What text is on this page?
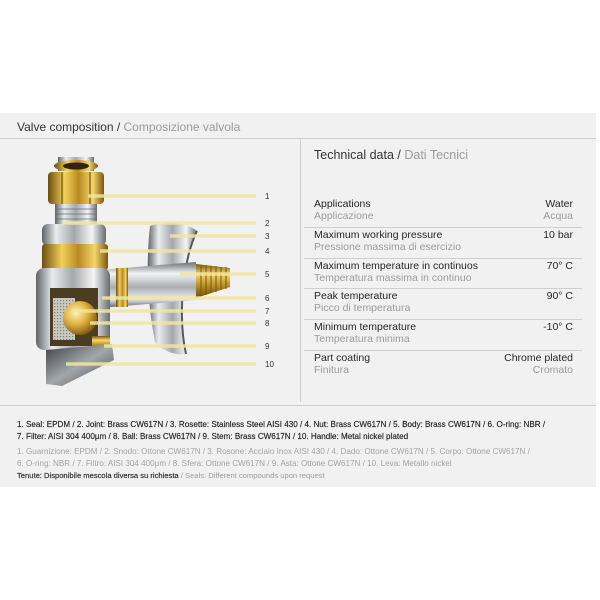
Valve composition / Composizione valvola
1
2
3
4
5
6
7
8
9
10
Technical data / Dati Tecnici
Applications	Water
Applicazione	Acqua
Maximum working pressure	10 bar
Pressione massima di esercizio
Maximum temperature in continuos	70° C
Temperatura massima in continuo
Peak temperature	90° C
Picco di temperatura
Minimum temperature	-10° C
Temperatura minima
Part coating	Chrome plated
Finitura	Cromato
1. Seal: EPDM / 2. Joint: Brass CW617N / 3. Rosette: Stainless Steel AISI 430 / 4. Nut: Brass CW617N / 5. Body: Brass CW617N / 6. O-ring: NBR /
7. Filter: AISI 304 400µm / 8. Ball: Brass CW617N / 9. Stem: Brass CW617N / 10. Handle: Metal nickel plated
1. Guarnizione: EPDM / 2. Snodo: Ottone CW617N / 3. Rosone: Acciaio Inox AISI 430 / 4. Dado: Ottone CW617N / 5. Corpo: Ottone CW617N /
6. O-ring: NBR / 7. Filtro: AISI 304 400µm / 8. Sfera: Ottone CW617N / 9. Asta: Ottone CW617N / 10. Leva: Metallo nickel
Tenute: Disponibile mescola diversa su richiesta / Seals: Different compounds upon request
